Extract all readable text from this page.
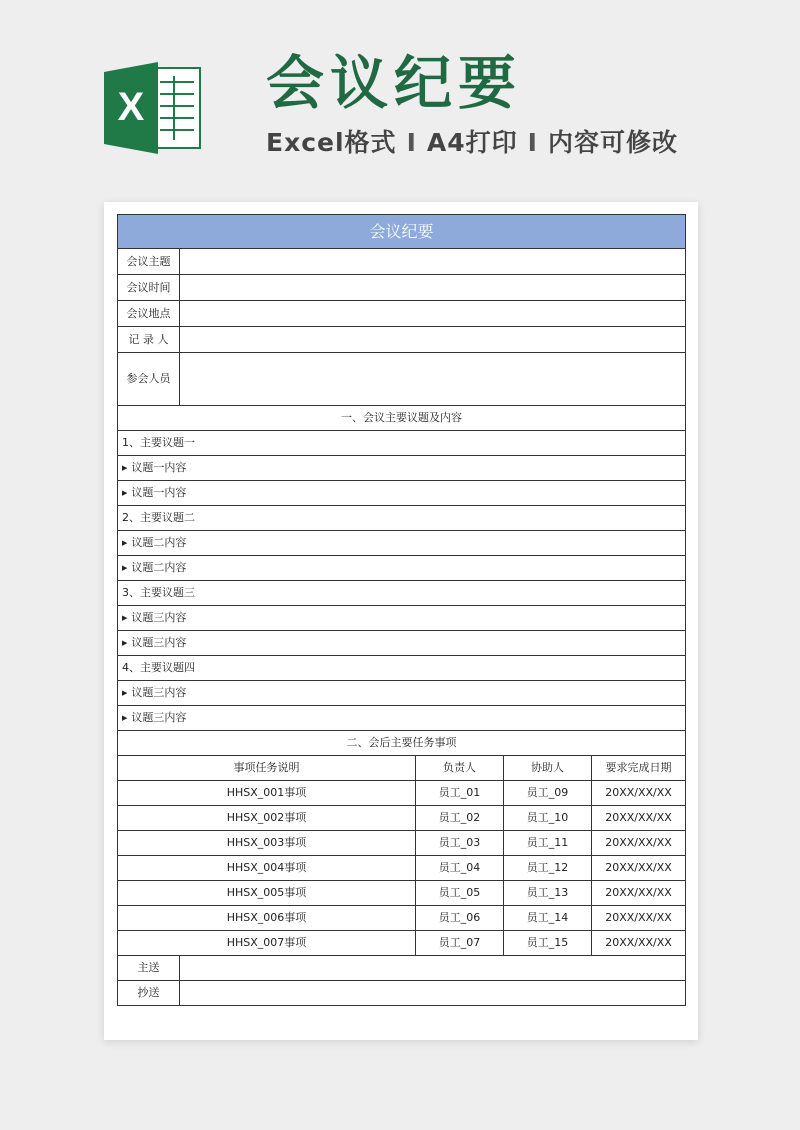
X 会议纪要
Excel格式 I A4打印 I 内容可修改
会议纪要				
会议主题				
会议时间				
会议地点				
记 录 人				
参会人员				
一、会议主要议题及内容				
1、主要议题一				
▶ 议题一内容				
▶ 议题一内容				
2、主要议题二				
▶ 议题二内容				
▶ 议题二内容				
3、主要议题三				
▶ 议题三内容				
▶ 议题三内容				
4、主要议题四				
▶ 议题三内容				
▶ 议题三内容				
二、会后主要任务事项				
事项任务说明		负责人	协助人	要求完成日期
HHSX_001事项		员工_01	员工_09	20XX/XX/XX
HHSX_002事项		员工_02	员工_10	20XX/XX/XX
HHSX_003事项		员工_03	员工_11	20XX/XX/XX
HHSX_004事项		员工_04	员工_12	20XX/XX/XX
HHSX_005事项		员工_05	员工_13	20XX/XX/XX
HHSX_006事项		员工_06	员工_14	20XX/XX/XX
HHSX_007事项		员工_07	员工_15	20XX/XX/XX
主送				
抄送				
